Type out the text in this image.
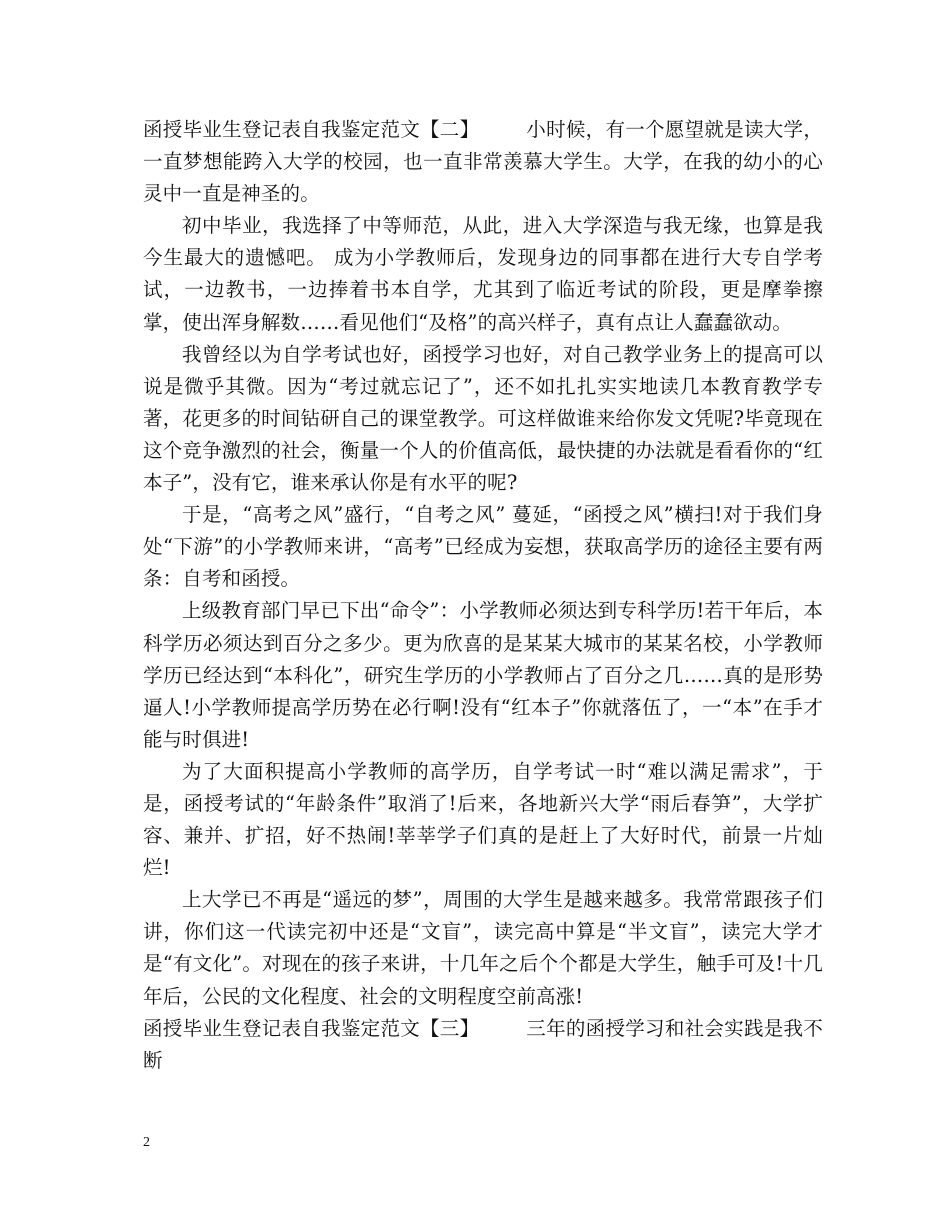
函授毕业生登记表自我鉴定范文【二】 小时候，有一个愿望就是读大学，一直梦想能跨入大学的校园，也一直非常羡慕大学生。大学，在我的幼小的心灵中一直是神圣的。

初中毕业，我选择了中等师范，从此，进入大学深造与我无缘，也算是我今生最大的遗憾吧。 成为小学教师后，发现身边的同事都在进行大专自学考试，一边教书，一边捧着书本自学，尤其到了临近考试的阶段，更是摩拳擦掌，使出浑身解数……看见他们“及格”的高兴样子，真有点让人蠢蠢欲动。

我曾经以为自学考试也好，函授学习也好，对自己教学业务上的提高可以说是微乎其微。因为“考过就忘记了”，还不如扎扎实实地读几本教育教学专著，花更多的时间钻研自己的课堂教学。可这样做谁来给你发文凭呢?毕竟现在这个竞争激烈的社会，衡量一个人的价值高低，最快捷的办法就是看看你的“红本子”，没有它，谁来承认你是有水平的呢?

于是，“高考之风”盛行，“自考之风” 蔓延，“函授之风”横扫!对于我们身处“下游”的小学教师来讲，“高考”已经成为妄想，获取高学历的途径主要有两条：自考和函授。

上级教育部门早已下出“命令”：小学教师必须达到专科学历!若干年后，本科学历必须达到百分之多少。更为欣喜的是某某大城市的某某名校，小学教师学历已经达到“本科化”，研究生学历的小学教师占了百分之几……真的是形势逼人!小学教师提高学历势在必行啊!没有“红本子”你就落伍了，一“本”在手才能与时俱进!

为了大面积提高小学教师的高学历，自学考试一时“难以满足需求”，于是，函授考试的“年龄条件”取消了!后来，各地新兴大学“雨后春笋”，大学扩容、兼并、扩招，好不热闹!莘莘学子们真的是赶上了大好时代，前景一片灿烂!

上大学已不再是“遥远的梦”，周围的大学生是越来越多。我常常跟孩子们讲，你们这一代读完初中还是“文盲”，读完高中算是“半文盲”，读完大学才是“有文化”。对现在的孩子来讲，十几年之后个个都是大学生，触手可及!十几年后，公民的文化程度、社会的文明程度空前高涨!

函授毕业生登记表自我鉴定范文【三】 三年的函授学习和社会实践是我不断

2
